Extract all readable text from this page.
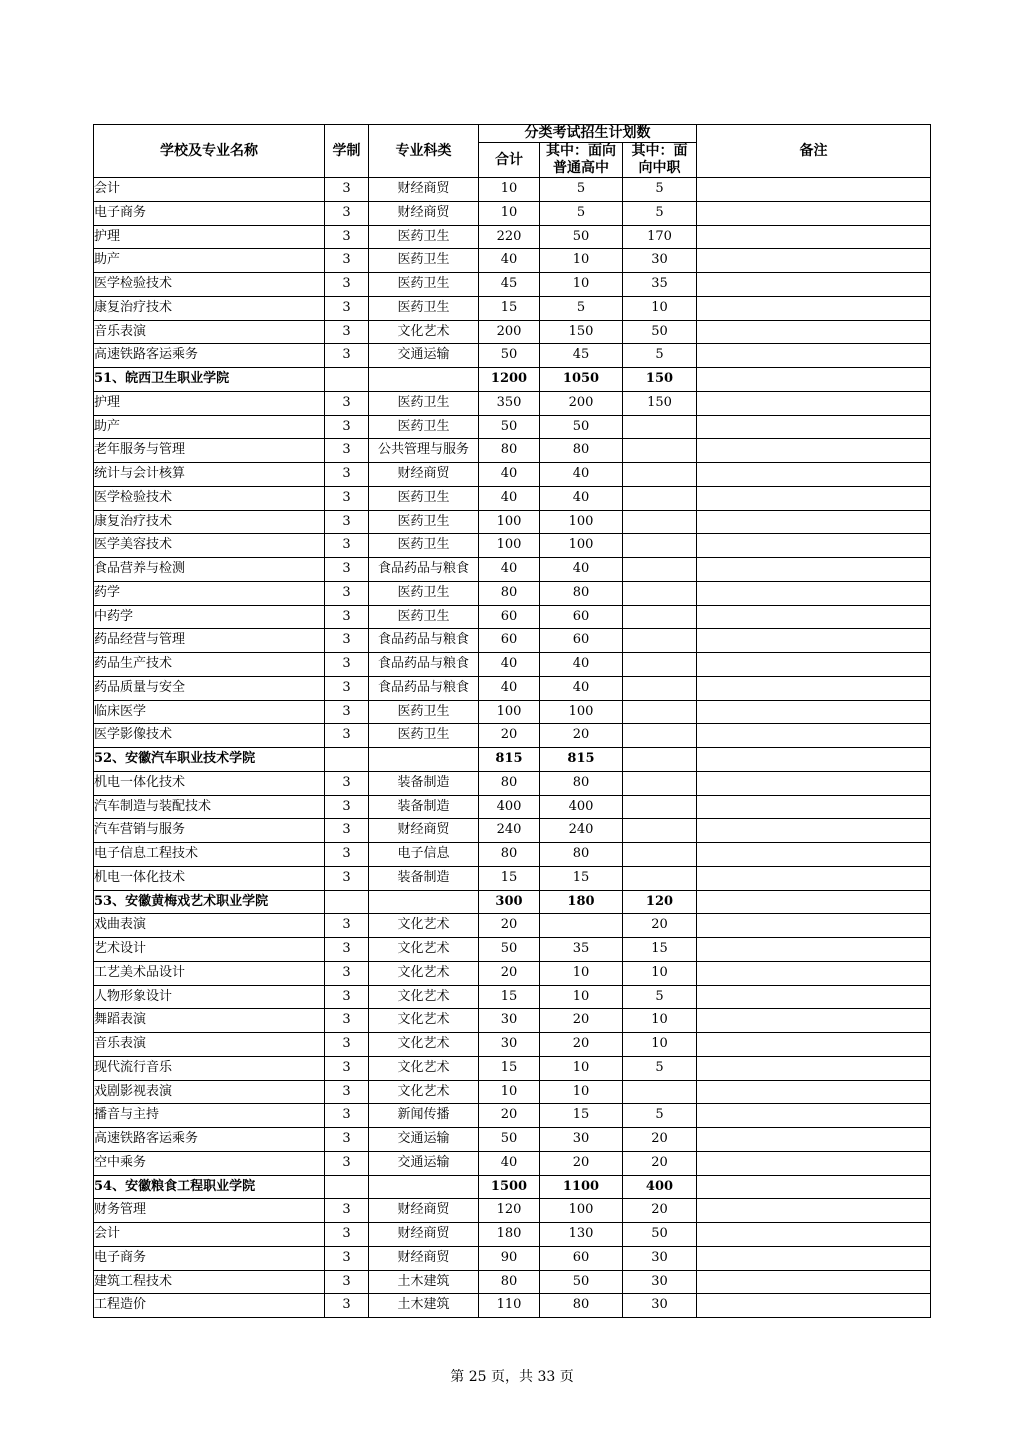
学校及专业名称	学制	专业科类	分类考试招生计划数			备注
			合计	其中：面向普通高中	其中：面向中职	
会计	3	财经商贸	10	5	5	
电子商务	3	财经商贸	10	5	5	
护理	3	医药卫生	220	50	170	
助产	3	医药卫生	40	10	30	
医学检验技术	3	医药卫生	45	10	35	
康复治疗技术	3	医药卫生	15	5	10	
音乐表演	3	文化艺术	200	150	50	
高速铁路客运乘务	3	交通运输	50	45	5	
51、皖西卫生职业学院			1200	1050	150	
护理	3	医药卫生	350	200	150	
助产	3	医药卫生	50	50		
老年服务与管理	3	公共管理与服务	80	80		
统计与会计核算	3	财经商贸	40	40		
医学检验技术	3	医药卫生	40	40		
康复治疗技术	3	医药卫生	100	100		
医学美容技术	3	医药卫生	100	100		
食品营养与检测	3	食品药品与粮食	40	40		
药学	3	医药卫生	80	80		
中药学	3	医药卫生	60	60		
药品经营与管理	3	食品药品与粮食	60	60		
药品生产技术	3	食品药品与粮食	40	40		
药品质量与安全	3	食品药品与粮食	40	40		
临床医学	3	医药卫生	100	100		
医学影像技术	3	医药卫生	20	20		
52、安徽汽车职业技术学院			815	815		
机电一体化技术	3	装备制造	80	80		
汽车制造与装配技术	3	装备制造	400	400		
汽车营销与服务	3	财经商贸	240	240		
电子信息工程技术	3	电子信息	80	80		
机电一体化技术	3	装备制造	15	15		
53、安徽黄梅戏艺术职业学院			300	180	120	
戏曲表演	3	文化艺术	20		20	
艺术设计	3	文化艺术	50	35	15	
工艺美术品设计	3	文化艺术	20	10	10	
人物形象设计	3	文化艺术	15	10	5	
舞蹈表演	3	文化艺术	30	20	10	
音乐表演	3	文化艺术	30	20	10	
现代流行音乐	3	文化艺术	15	10	5	
戏剧影视表演	3	文化艺术	10	10		
播音与主持	3	新闻传播	20	15	5	
高速铁路客运乘务	3	交通运输	50	30	20	
空中乘务	3	交通运输	40	20	20	
54、安徽粮食工程职业学院			1500	1100	400	
财务管理	3	财经商贸	120	100	20	
会计	3	财经商贸	180	130	50	
电子商务	3	财经商贸	90	60	30	
建筑工程技术	3	土木建筑	80	50	30	
工程造价	3	土木建筑	110	80	30	
第 25 页，共 33 页
